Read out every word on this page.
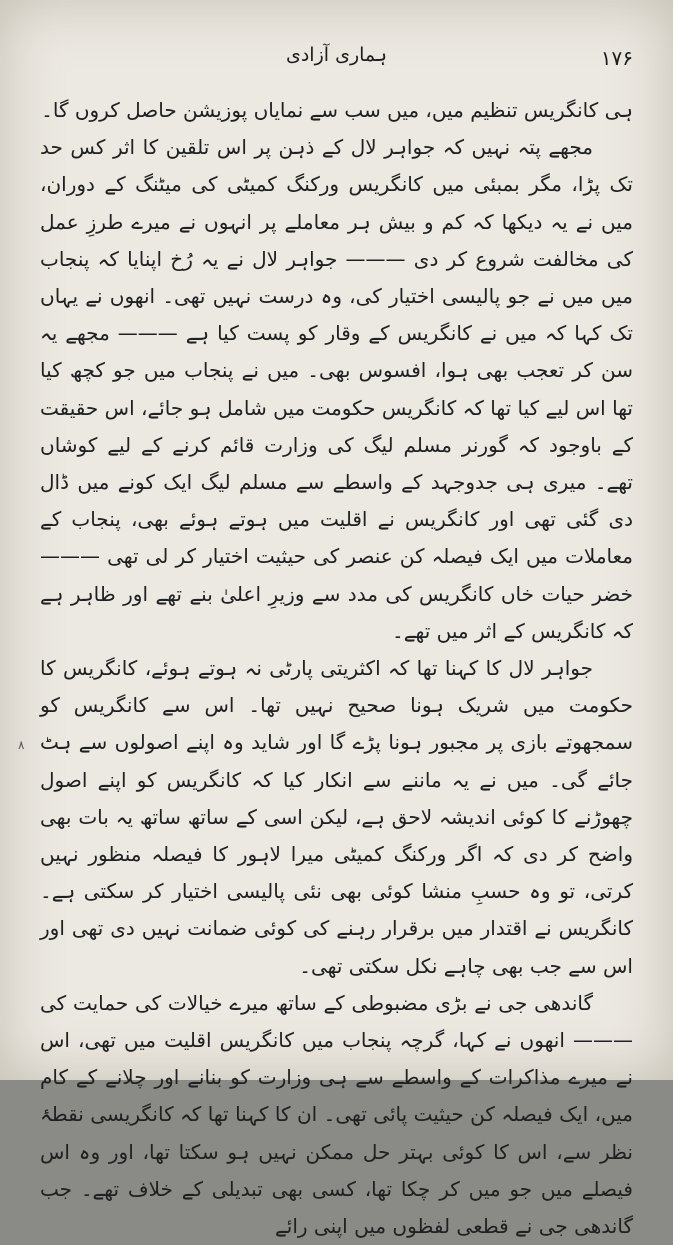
۱۷۶
ہماری آزادی

ہی کانگریس تنظیم میں، میں سب سے نمایاں پوزیشن حاصل کروں گا۔

مجھے پتہ نہیں کہ جواہر لال کے ذہن پر اس تلقین کا اثر کس حد تک پڑا، مگر بمبئی میں کانگریس ورکنگ کمیٹی کی میٹنگ کے دوران، میں نے یہ دیکھا کہ کم و بیش ہر معاملے پر انہوں نے میرے طرزِ عمل کی مخالفت شروع کر دی ——— جواہر لال نے یہ رُخ اپنایا کہ پنجاب میں میں نے جو پالیسی اختیار کی، وہ درست نہیں تھی۔ انھوں نے یہاں تک کہا کہ میں نے کانگریس کے وقار کو پست کیا ہے ——— مجھے یہ سن کر تعجب بھی ہوا، افسوس بھی۔ میں نے پنجاب میں جو کچھ کیا تھا اس لیے کیا تھا کہ کانگریس حکومت میں شامل ہو جائے، اس حقیقت کے باوجود کہ گورنر مسلم لیگ کی وزارت قائم کرنے کے لیے کوشاں تھے۔ میری ہی جدوجہد کے واسطے سے مسلم لیگ ایک کونے میں ڈال دی گئی تھی اور کانگریس نے اقلیت میں ہوتے ہوئے بھی، پنجاب کے معاملات میں ایک فیصلہ کن عنصر کی حیثیت اختیار کر لی تھی ——— خضر حیات خاں کانگریس کی مدد سے وزیرِ اعلیٰ بنے تھے اور ظاہر ہے کہ کانگریس کے اثر میں تھے۔

جواہر لال کا کہنا تھا کہ اکثریتی پارٹی نہ ہوتے ہوئے، کانگریس کا حکومت میں شریک ہونا صحیح نہیں تھا۔ اس سے کانگریس کو سمجھوتے بازی پر مجبور ہونا پڑے گا اور شاید وہ اپنے اصولوں سے ہٹ جائے گی۔ میں نے یہ ماننے سے انکار کیا کہ کانگریس کو اپنے اصول چھوڑنے کا کوئی اندیشہ لاحق ہے، لیکن اسی کے ساتھ ساتھ یہ بات بھی واضح کر دی کہ اگر ورکنگ کمیٹی میرا لاہور کا فیصلہ منظور نہیں کرتی، تو وہ حسبِ منشا کوئی بھی نئی پالیسی اختیار کر سکتی ہے۔ کانگریس نے اقتدار میں برقرار رہنے کی کوئی ضمانت نہیں دی تھی اور اس سے جب بھی چاہے نکل سکتی تھی۔

گاندھی جی نے بڑی مضبوطی کے ساتھ میرے خیالات کی حمایت کی ——— انھوں نے کہا، گرچہ پنجاب میں کانگریس اقلیت میں تھی، اس نے میرے مذاکرات کے واسطے سے ہی وزارت کو بنانے اور چلانے کے کام میں، ایک فیصلہ کن حیثیت پائی تھی۔ ان کا کہنا تھا کہ کانگریسی نقطۂ نظر سے، اس کا کوئی بہتر حل ممکن نہیں ہو سکتا تھا، اور وہ اس فیصلے میں جو میں کر چکا تھا، کسی بھی تبدیلی کے خلاف تھے۔ جب گاندھی جی نے قطعی لفظوں میں اپنی رائے

۸
